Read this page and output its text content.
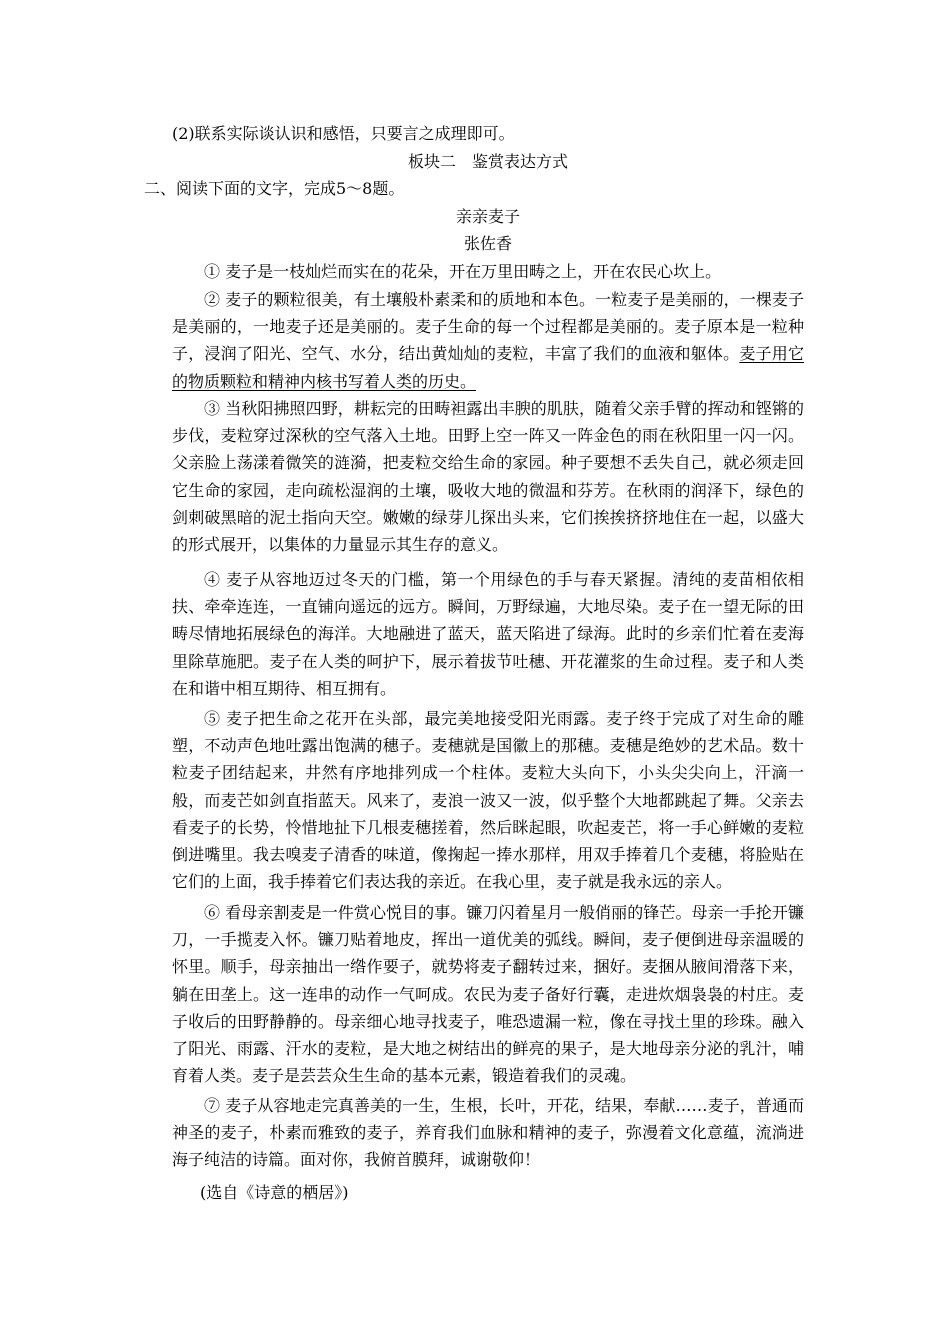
(2)联系实际谈认识和感悟，只要言之成理即可。
板块二　鉴赏表达方式
二、阅读下面的文字，完成5～8题。
亲亲麦子
张佐香

① 麦子是一枝灿烂而实在的花朵，开在万里田畴之上，开在农民心坎上。

② 麦子的颗粒很美，有土壤般朴素柔和的质地和本色。一粒麦子是美丽的，一棵麦子是美丽的，一地麦子还是美丽的。麦子生命的每一个过程都是美丽的。麦子原本是一粒种子，浸润了阳光、空气、水分，结出黄灿灿的麦粒，丰富了我们的血液和躯体。麦子用它的物质颗粒和精神内核书写着人类的历史。

③ 当秋阳拂照四野，耕耘完的田畴袒露出丰腴的肌肤，随着父亲手臂的挥动和铿锵的步伐，麦粒穿过深秋的空气落入土地。田野上空一阵又一阵金色的雨在秋阳里一闪一闪。父亲脸上荡漾着微笑的涟漪，把麦粒交给生命的家园。种子要想不丢失自己，就必须走回它生命的家园，走向疏松湿润的土壤，吸收大地的微温和芬芳。在秋雨的润泽下，绿色的剑刺破黑暗的泥土指向天空。嫩嫩的绿芽儿探出头来，它们挨挨挤挤地住在一起，以盛大的形式展开，以集体的力量显示其生存的意义。

④ 麦子从容地迈过冬天的门槛，第一个用绿色的手与春天紧握。清纯的麦苗相依相扶、牵牵连连，一直铺向遥远的远方。瞬间，万野绿遍，大地尽染。麦子在一望无际的田畴尽情地拓展绿色的海洋。大地融进了蓝天，蓝天陷进了绿海。此时的乡亲们忙着在麦海里除草施肥。麦子在人类的呵护下，展示着拔节吐穗、开花灌浆的生命过程。麦子和人类在和谐中相互期待、相互拥有。

⑤ 麦子把生命之花开在头部，最完美地接受阳光雨露。麦子终于完成了对生命的雕塑，不动声色地吐露出饱满的穗子。麦穗就是国徽上的那穗。麦穗是绝妙的艺术品。数十粒麦子团结起来，井然有序地排列成一个柱体。麦粒大头向下，小头尖尖向上，汗滴一般，而麦芒如剑直指蓝天。风来了，麦浪一波又一波，似乎整个大地都跳起了舞。父亲去看麦子的长势，怜惜地扯下几根麦穗搓着，然后眯起眼，吹起麦芒，将一手心鲜嫩的麦粒倒进嘴里。我去嗅麦子清香的味道，像掬起一捧水那样，用双手捧着几个麦穗，将脸贴在它们的上面，我手捧着它们表达我的亲近。在我心里，麦子就是我永远的亲人。

⑥ 看母亲割麦是一件赏心悦目的事。镰刀闪着星月一般俏丽的锋芒。母亲一手抡开镰刀，一手揽麦入怀。镰刀贴着地皮，挥出一道优美的弧线。瞬间，麦子便倒进母亲温暖的怀里。顺手，母亲抽出一绺作要子，就势将麦子翻转过来，捆好。麦捆从腋间滑落下来，躺在田垄上。这一连串的动作一气呵成。农民为麦子备好行囊，走进炊烟袅袅的村庄。麦子收后的田野静静的。母亲细心地寻找麦子，唯恐遗漏一粒，像在寻找土里的珍珠。融入了阳光、雨露、汗水的麦粒，是大地之树结出的鲜亮的果子，是大地母亲分泌的乳汁，哺育着人类。麦子是芸芸众生生命的基本元素，锻造着我们的灵魂。

⑦ 麦子从容地走完真善美的一生，生根，长叶，开花，结果，奉献……麦子，普通而神圣的麦子，朴素而雅致的麦子，养育我们血脉和精神的麦子，弥漫着文化意蕴，流淌进海子纯洁的诗篇。面对你，我俯首膜拜，诚谢敬仰！

(选自《诗意的栖居》)
